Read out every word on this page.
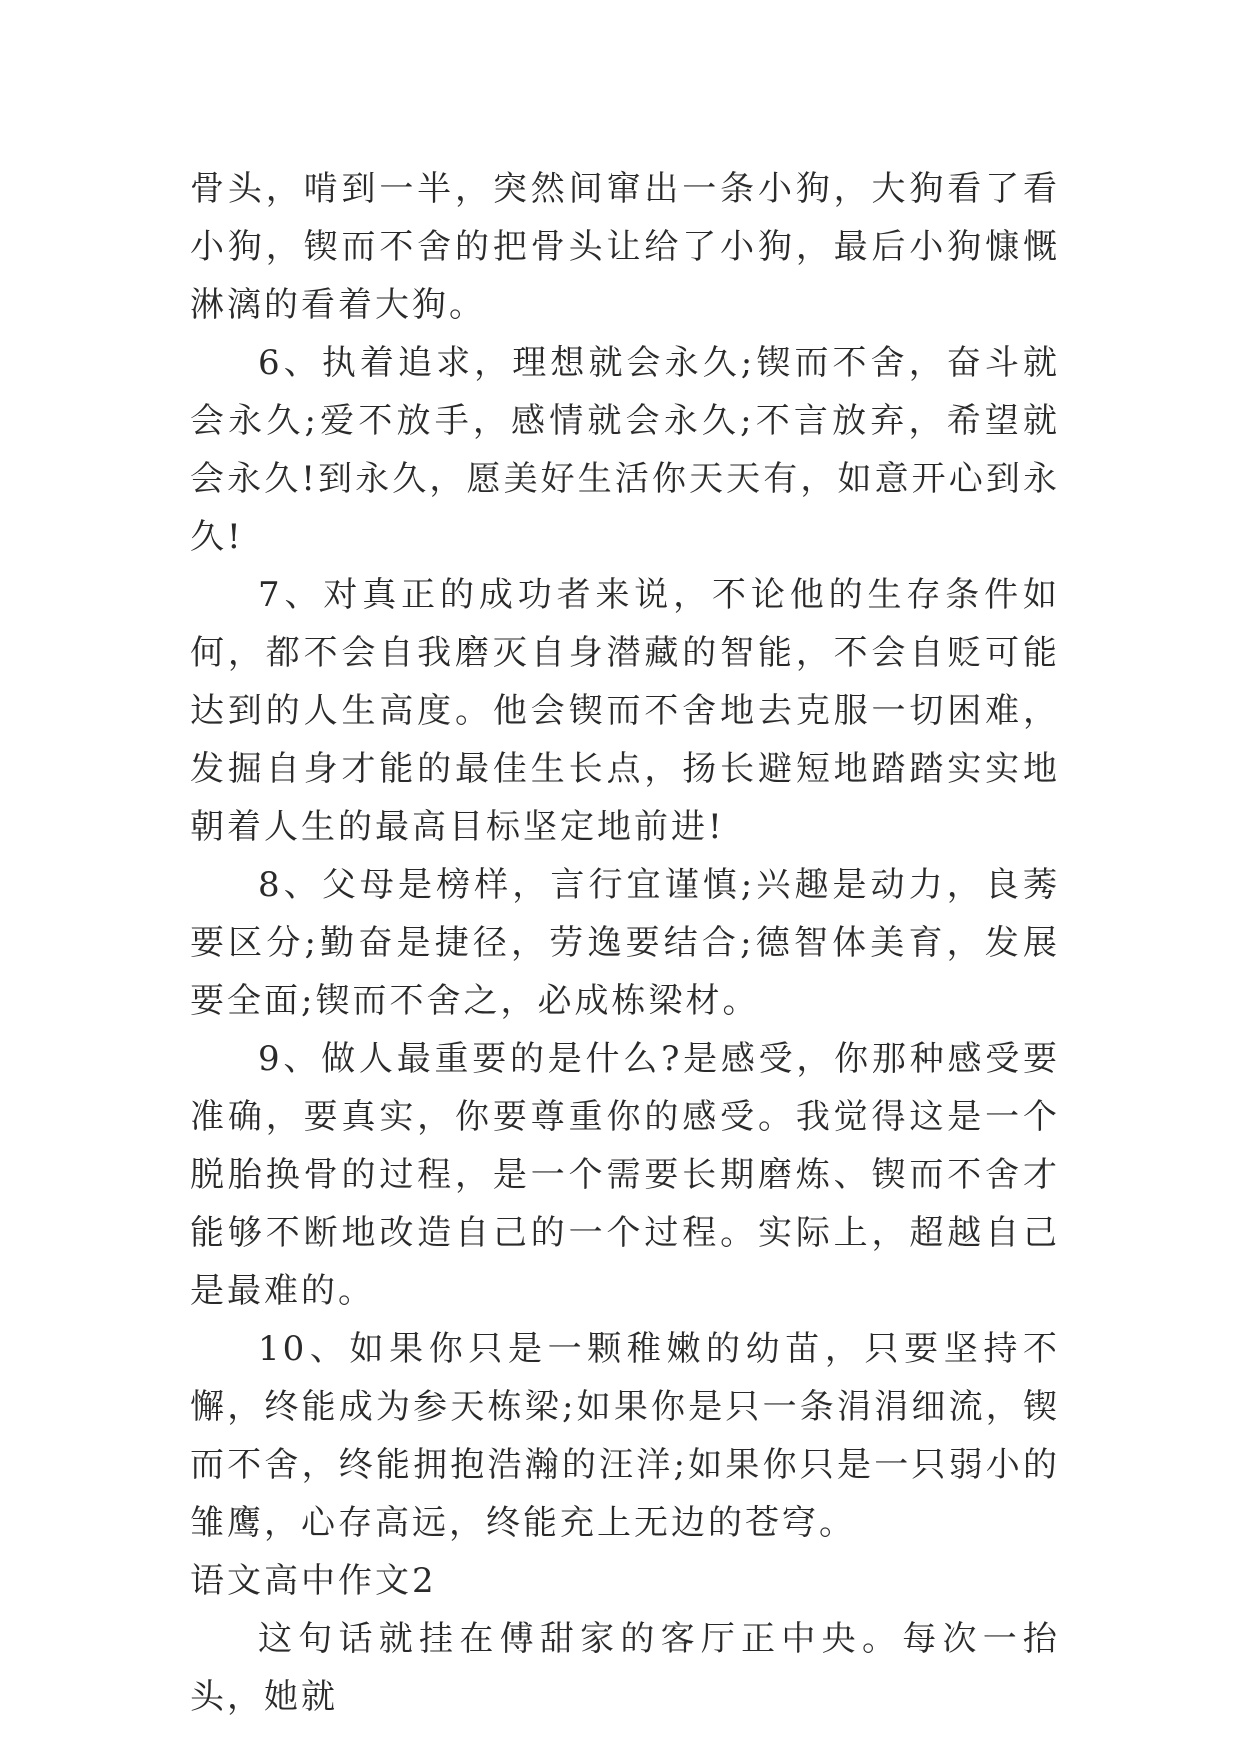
骨头，啃到一半，突然间窜出一条小狗，大狗看了看小狗，锲而不舍的把骨头让给了小狗，最后小狗慷慨淋漓的看着大狗。

6、执着追求，理想就会永久;锲而不舍，奋斗就会永久;爱不放手，感情就会永久;不言放弃，希望就会永久!到永久，愿美好生活你天天有，如意开心到永久!

7、对真正的成功者来说，不论他的生存条件如何，都不会自我磨灭自身潜藏的智能，不会自贬可能达到的人生高度。他会锲而不舍地去克服一切困难，发掘自身才能的最佳生长点，扬长避短地踏踏实实地朝着人生的最高目标坚定地前进!

8、父母是榜样，言行宜谨慎;兴趣是动力，良莠要区分;勤奋是捷径，劳逸要结合;德智体美育，发展要全面;锲而不舍之，必成栋梁材。

9、做人最重要的是什么?是感受，你那种感受要准确，要真实，你要尊重你的感受。我觉得这是一个脱胎换骨的过程，是一个需要长期磨炼、锲而不舍才能够不断地改造自己的一个过程。实际上，超越自己是最难的。

10、如果你只是一颗稚嫩的幼苗，只要坚持不懈，终能成为参天栋梁;如果你是只一条涓涓细流，锲而不舍，终能拥抱浩瀚的汪洋;如果你只是一只弱小的雏鹰，心存高远，终能充上无边的苍穹。

语文高中作文2

这句话就挂在傅甜家的客厅正中央。每次一抬头，她就
